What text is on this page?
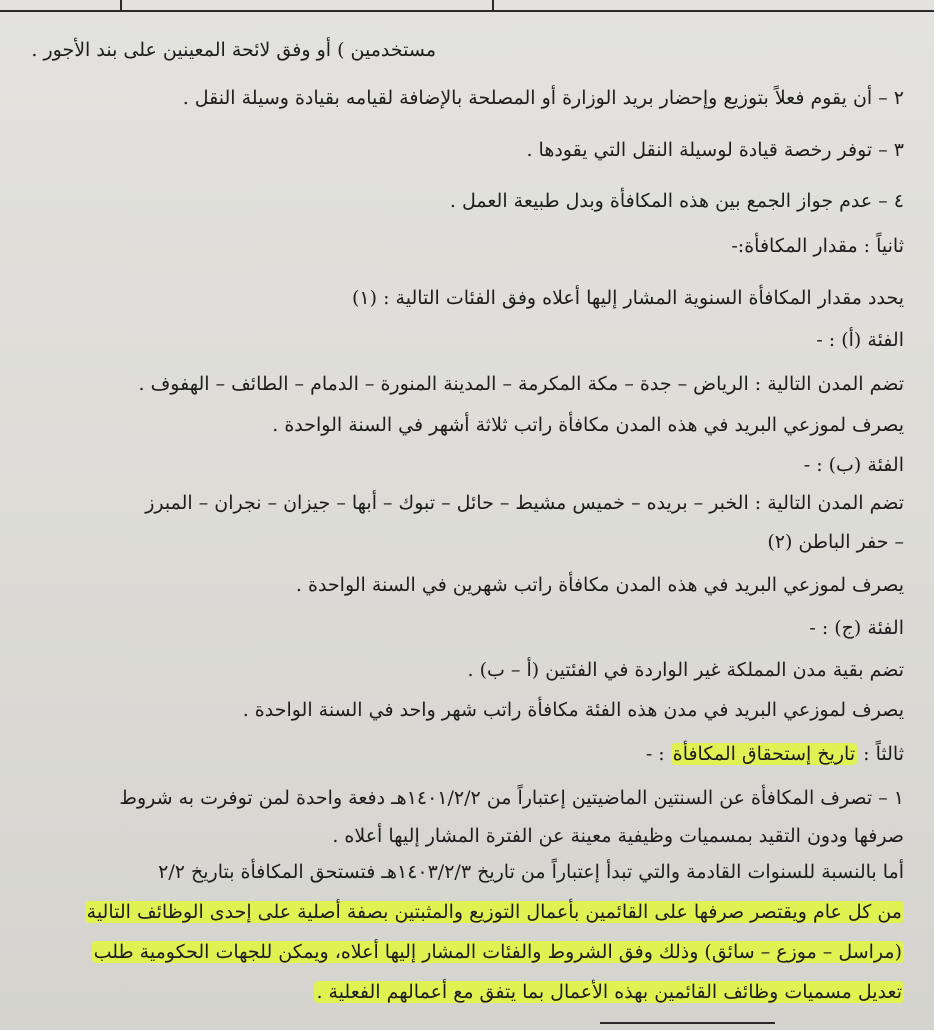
مستخدمين ) أو وفق لائحة المعينين على بند الأجور .
٢ – أن يقوم فعلاً بتوزيع وإحضار بريد الوزارة أو المصلحة بالإضافة لقيامه بقيادة وسيلة النقل .
٣ – توفر رخصة قيادة لوسيلة النقل التي يقودها .
٤ – عدم جواز الجمع بين هذه المكافأة وبدل طبيعة العمل .
ثانياً : مقدار المكافأة:-
يحدد مقدار المكافأة السنوية المشار إليها أعلاه وفق الفئات التالية : (١)
الفئة (أ) : -
تضم المدن التالية : الرياض – جدة – مكة المكرمة – المدينة المنورة – الدمام – الطائف – الهفوف .
يصرف لموزعي البريد في هذه المدن مكافأة راتب ثلاثة أشهر في السنة الواحدة .
الفئة (ب) : -
تضم المدن التالية : الخبر – بريده – خميس مشيط – حائل – تبوك – أبها – جيزان – نجران – المبرز
– حفر الباطن (٢)
يصرف لموزعي البريد في هذه المدن مكافأة راتب شهرين في السنة الواحدة .
الفئة (ج) : -
تضم بقية مدن المملكة غير الواردة في الفئتين (أ – ب) .
يصرف لموزعي البريد في مدن هذه الفئة مكافأة راتب شهر واحد في السنة الواحدة .
ثالثاً : تاريخ إستحقاق المكافأة : -
١ – تصرف المكافأة عن السنتين الماضيتين إعتباراً من ١٤٠١/٢/٢هـ دفعة واحدة لمن توفرت به شروط
صرفها ودون التقيد بمسميات وظيفية معينة عن الفترة المشار إليها أعلاه .
أما بالنسبة للسنوات القادمة والتي تبدأ إعتباراً من تاريخ ١٤٠٣/٢/٣هـ فتستحق المكافأة بتاريخ ٢/٢
من كل عام ويقتصر صرفها على القائمين بأعمال التوزيع والمثبتين بصفة أصلية على إحدى الوظائف التالية
(مراسل – موزع – سائق) وذلك وفق الشروط والفئات المشار إليها أعلاه، ويمكن للجهات الحكومية طلب
تعديل مسميات وظائف القائمين بهذه الأعمال بما يتفق مع أعمالهم الفعلية .
